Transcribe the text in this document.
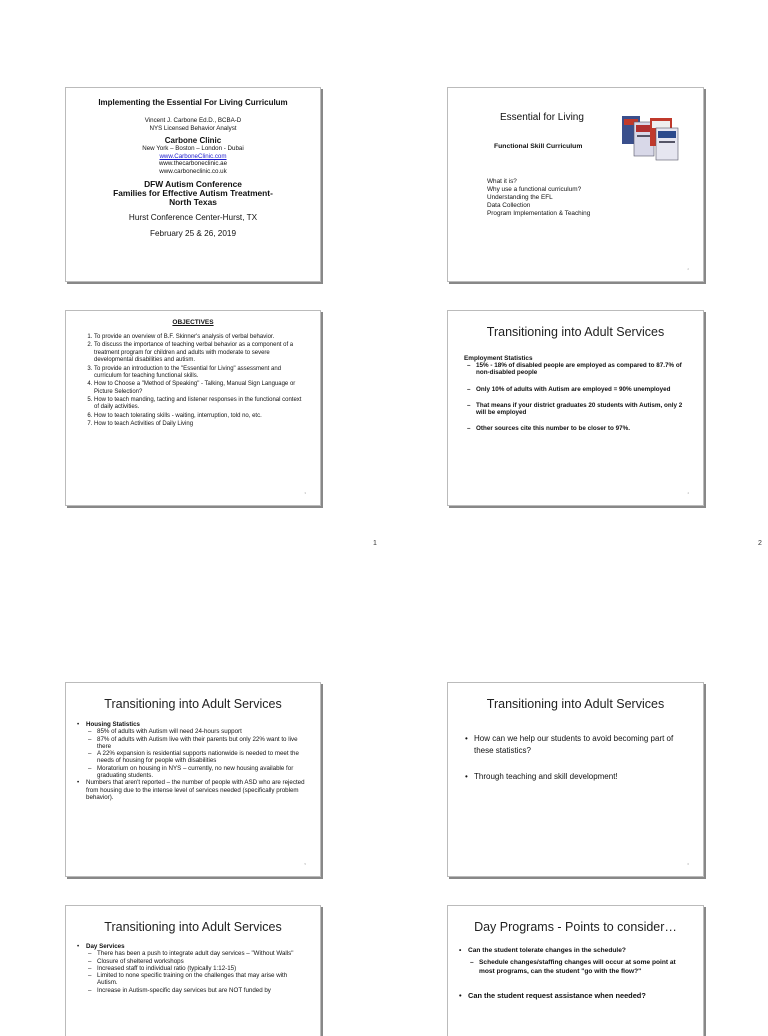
1	2
Implementing the Essential For Living Curriculum
Vincent J. Carbone Ed.D., BCBA-D
NYS Licensed Behavior Analyst
Carbone Clinic
New York – Boston – London - Dubai
www.CarboneClinic.com
www.thecarboneclinic.ae
www.carboneclinic.co.uk
DFW Autism Conference
Families for Effective Autism Treatment-
North Texas
Hurst Conference Center-Hurst, TX
February 25 & 26, 2019
Essential for Living
Functional Skill Curriculum
What it is?
Why use a functional curriculum?
Understanding the EFL
Data Collection
Program Implementation & Teaching
2
OBJECTIVES
1. To provide an overview of B.F. Skinner's analysis of verbal behavior.
2. To discuss the importance of teaching verbal behavior as a component of a treatment program for children and adults with moderate to severe developmental disabilities and autism.
3. To provide an introduction to the "Essential for Living" assessment and curriculum for teaching functional skills.
4. How to Choose a "Method of Speaking" - Talking, Manual Sign Language or Picture Selection?
5. How to teach manding, tacting and listener responses in the functional context of daily activities.
6. How to teach tolerating skills - waiting, interruption, told no, etc.
7. How to teach Activities of Daily Living
3
Transitioning into Adult Services
Employment Statistics
– 15% - 18% of disabled people are employed as compared to 87.7% of non-disabled people
– Only 10% of adults with Autism are employed = 90% unemployed
– That means if your district graduates 20 students with Autism, only 2 will be employed
– Other sources cite this number to be closer to 97%.
4
Transitioning into Adult Services
• Housing Statistics
– 85% of adults with Autism will need 24-hours support
– 87% of adults with Autism live with their parents but only 22% want to live there
– A 22% expansion is residential supports nationwide is needed to meet the needs of housing for people with disabilities
– Moratorium on housing in NYS – currently, no new housing available for graduating students.
• Numbers that aren't reported – the number of people with ASD who are rejected from housing due to the intense level of services needed (specifically problem behavior).
5
Transitioning into Adult Services
• How can we help our students to avoid becoming part of these statistics?
• Through teaching and skill development!
6
Transitioning into Adult Services
• Day Services
– There has been a push to integrate adult day services – "Without Walls"
– Closure of sheltered workshops
– Increased staff to individual ratio (typically 1:12-15)
– Limited to none specific training on the challenges that may arise with Autism.
– Increase in Autism-specific day services but are NOT funded by
Day Programs - Points to consider…
• Can the student tolerate changes in the schedule?
– Schedule changes/staffing changes will occur at some point at most programs, can the student "go with the flow?"
• Can the student request assistance when needed?
